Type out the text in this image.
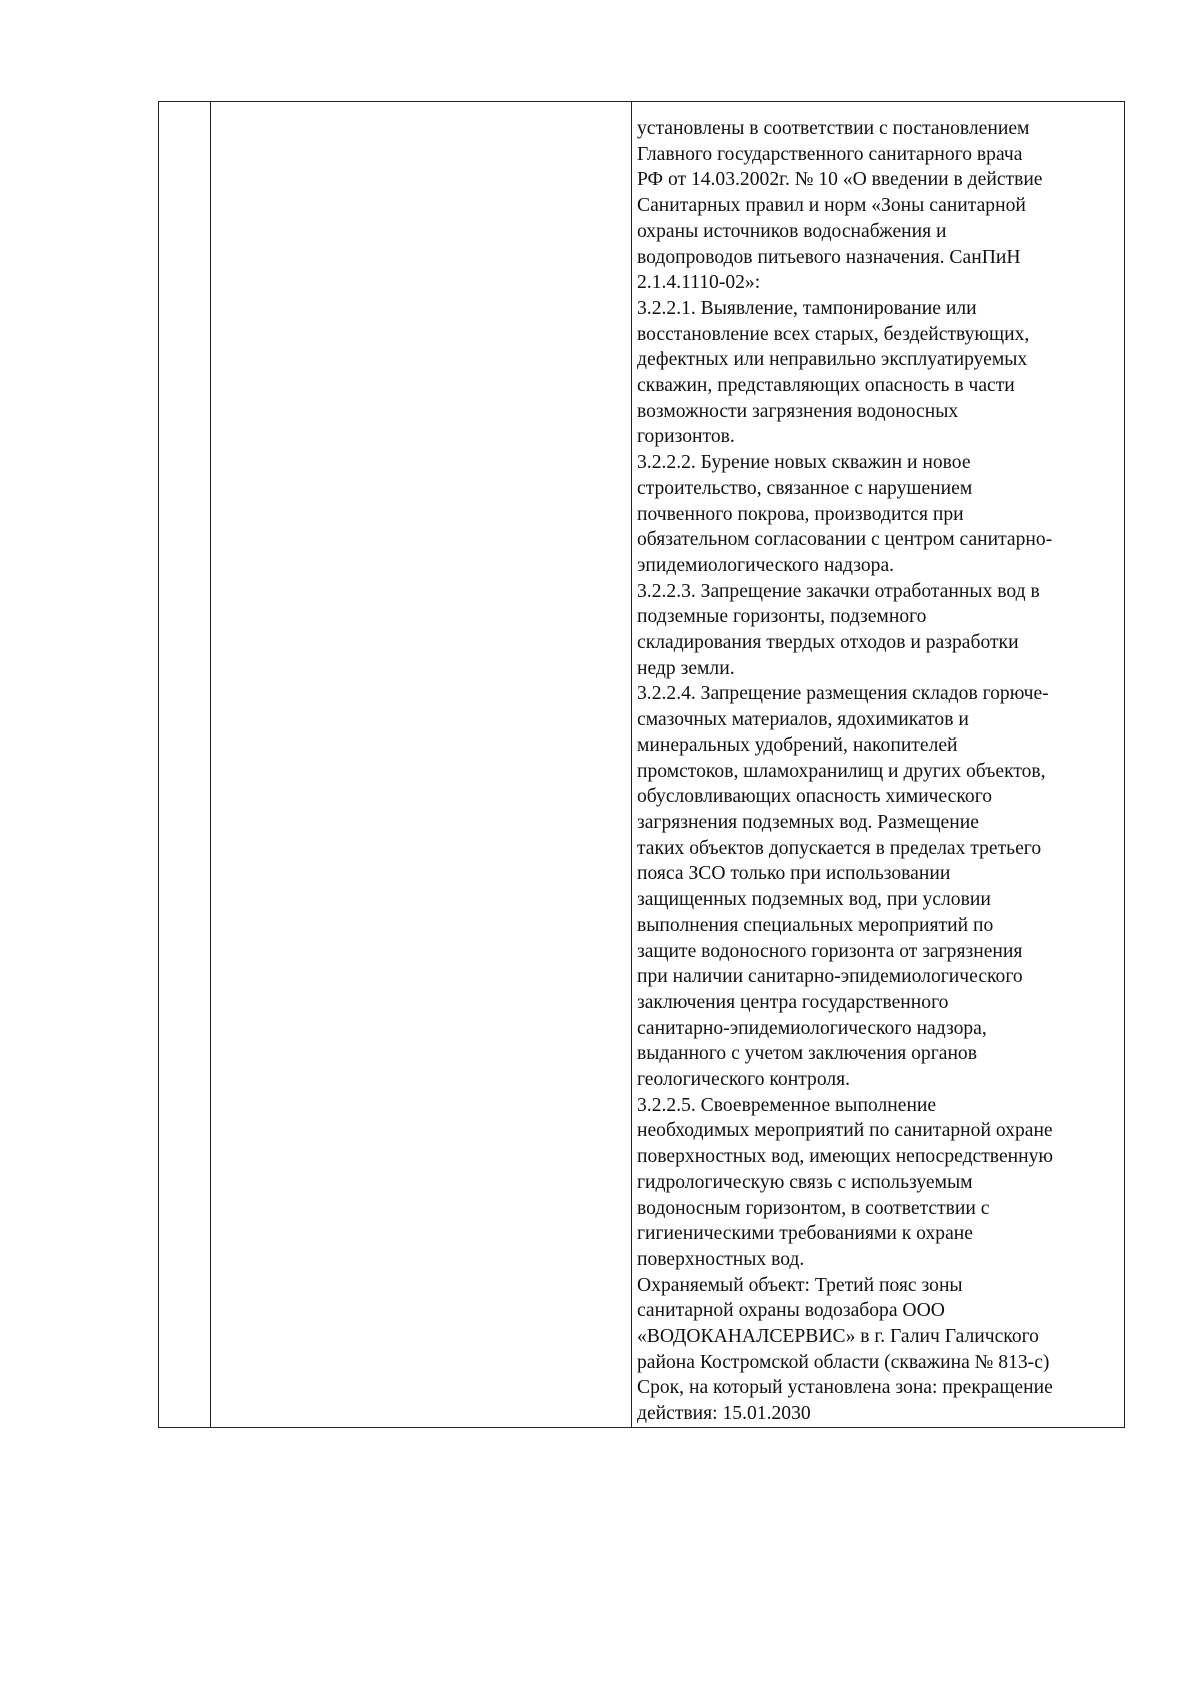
установлены в соответствии с постановлением
Главного государственного санитарного врача
РФ от 14.03.2002г. № 10 «О введении в действие
Санитарных правил и норм «Зоны санитарной
охраны источников водоснабжения и
водопроводов питьевого назначения. СанПиН
2.1.4.1110-02»:
3.2.2.1. Выявление, тампонирование или
восстановление всех старых, бездействующих,
дефектных или неправильно эксплуатируемых
скважин, представляющих опасность в части
возможности загрязнения водоносных
горизонтов.
3.2.2.2. Бурение новых скважин и новое
строительство, связанное с нарушением
почвенного покрова, производится при
обязательном согласовании с центром санитарно-
эпидемиологического надзора.
3.2.2.3. Запрещение закачки отработанных вод в
подземные горизонты, подземного
складирования твердых отходов и разработки
недр земли.
3.2.2.4. Запрещение размещения складов горюче-
смазочных материалов, ядохимикатов и
минеральных удобрений, накопителей
промстоков, шламохранилищ и других объектов,
обусловливающих опасность химического
загрязнения подземных вод. Размещение
таких объектов допускается в пределах третьего
пояса ЗСО только при использовании
защищенных подземных вод, при условии
выполнения специальных мероприятий по
защите водоносного горизонта от загрязнения
при наличии санитарно-эпидемиологического
заключения центра государственного
санитарно-эпидемиологического надзора,
выданного с учетом заключения органов
геологического контроля.
3.2.2.5. Своевременное выполнение
необходимых мероприятий по санитарной охране
поверхностных вод, имеющих непосредственную
гидрологическую связь с используемым
водоносным горизонтом, в соответствии с
гигиеническими требованиями к охране
поверхностных вод.
Охраняемый объект: Третий пояс зоны
санитарной охраны водозабора ООО
«ВОДОКАНАЛСЕРВИС» в г. Галич Галичского
района Костромской области (скважина № 813-с)
Срок, на который установлена зона: прекращение
действия: 15.01.2030
